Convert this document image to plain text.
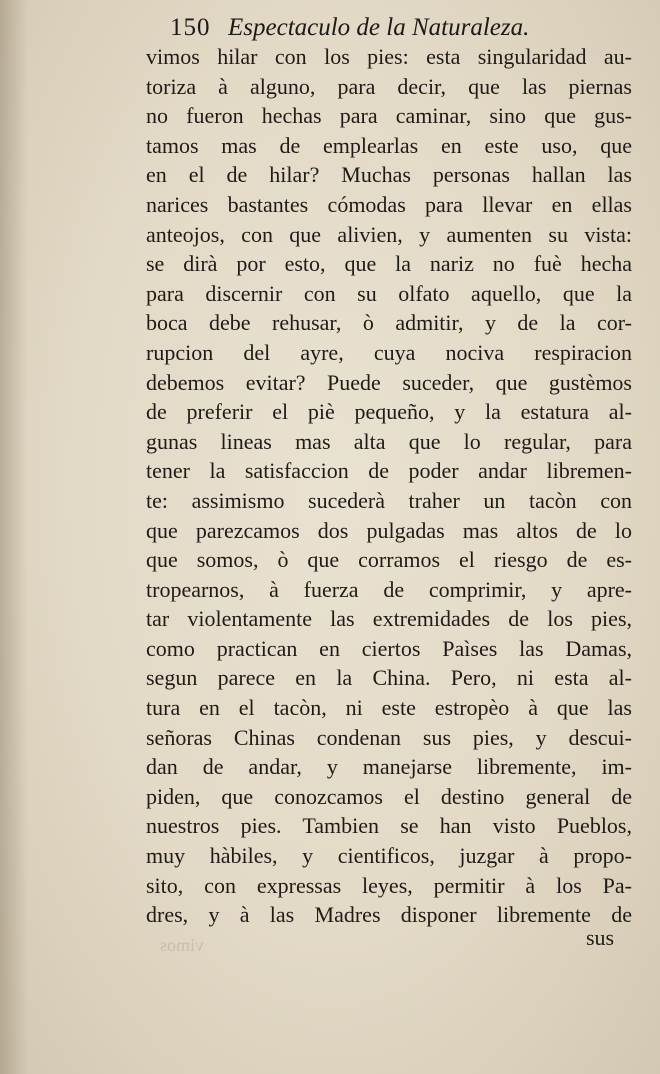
150 Espectaculo de la Naturaleza.
vimos hilar con los pies: esta singularidad au-
toriza à alguno, para decir, que las piernas
no fueron hechas para caminar, sino que gus-
tamos mas de emplearlas en este uso, que
en el de hilar? Muchas personas hallan las
narices bastantes cómodas para llevar en ellas
anteojos, con que alivien, y aumenten su vista:
se dirà por esto, que la nariz no fuè hecha
para discernir con su olfato aquello, que la
boca debe rehusar, ò admitir, y de la cor-
rupcion del ayre, cuya nociva respiracion
debemos evitar? Puede suceder, que gustèmos
de preferir el piè pequeño, y la estatura al-
gunas lineas mas alta que lo regular, para
tener la satisfaccion de poder andar libremen-
te: assimismo sucederà traher un tacòn con
que parezcamos dos pulgadas mas altos de lo
que somos, ò que corramos el riesgo de es-
tropearnos, à fuerza de comprimir, y apre-
tar violentamente las extremidades de los pies,
como practican en ciertos Paìses las Damas,
segun parece en la China. Pero, ni esta al-
tura en el tacòn, ni este estropèo à que las
señoras Chinas condenan sus pies, y descui-
dan de andar, y manejarse libremente, im-
piden, que conozcamos el destino general de
nuestros pies. Tambien se han visto Pueblos,
muy hàbiles, y cientificos, juzgar à propo-
sito, con expressas leyes, permitir à los Pa-
dres, y à las Madres disponer libremente de
vimos	sus
